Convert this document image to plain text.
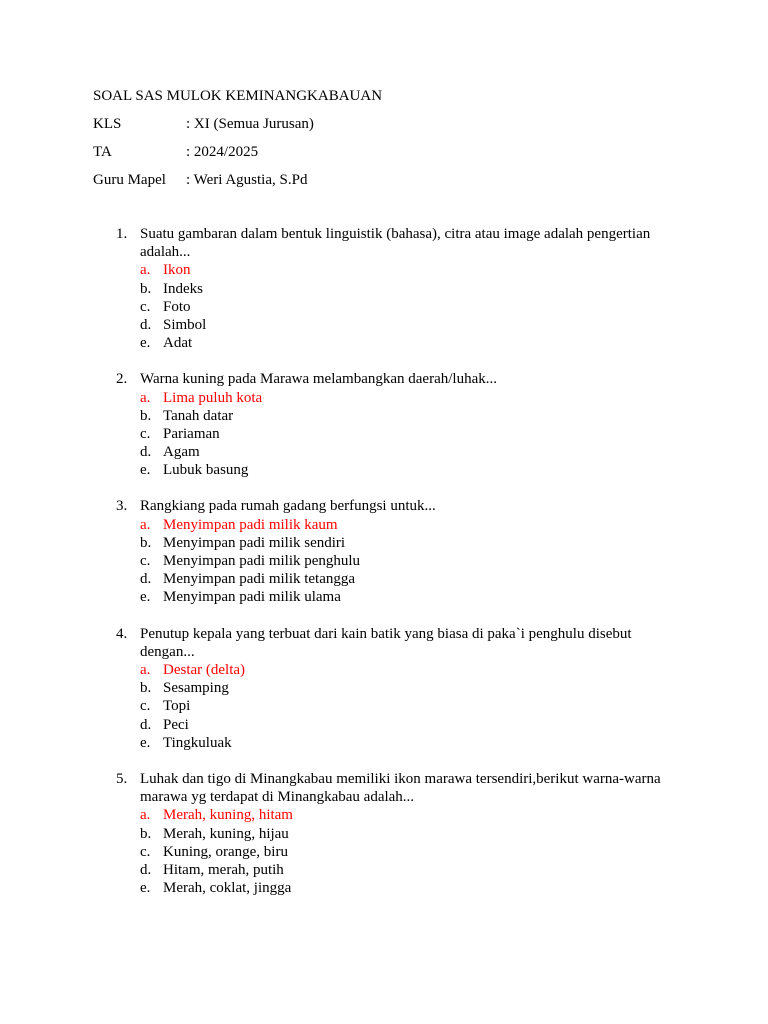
SOAL SAS MULOK KEMINANGKABAUAN
KLS	: XI (Semua Jurusan)
TA	: 2024/2025
Guru Mapel : Weri Agustia, S.Pd
1. Suatu gambaran dalam bentuk linguistik (bahasa), citra atau image adalah pengertian adalah...
a. Ikon
b. Indeks
c. Foto
d. Simbol
e. Adat
2. Warna kuning pada Marawa melambangkan daerah/luhak...
a. Lima puluh kota
b. Tanah datar
c. Pariaman
d. Agam
e. Lubuk basung
3. Rangkiang pada rumah gadang berfungsi untuk...
a. Menyimpan padi milik kaum
b. Menyimpan padi milik sendiri
c. Menyimpan padi milik penghulu
d. Menyimpan padi milik tetangga
e. Menyimpan padi milik ulama
4. Penutup kepala yang terbuat dari kain batik yang biasa di paka`i penghulu disebut dengan...
a. Destar (delta)
b. Sesamping
c. Topi
d. Peci
e. Tingkuluak
5. Luhak dan tigo di Minangkabau memiliki ikon marawa tersendiri,berikut warna-warna marawa yg terdapat di Minangkabau adalah...
a. Merah, kuning, hitam
b. Merah, kuning, hijau
c. Kuning, orange, biru
d. Hitam, merah, putih
e. Merah, coklat, jingga
